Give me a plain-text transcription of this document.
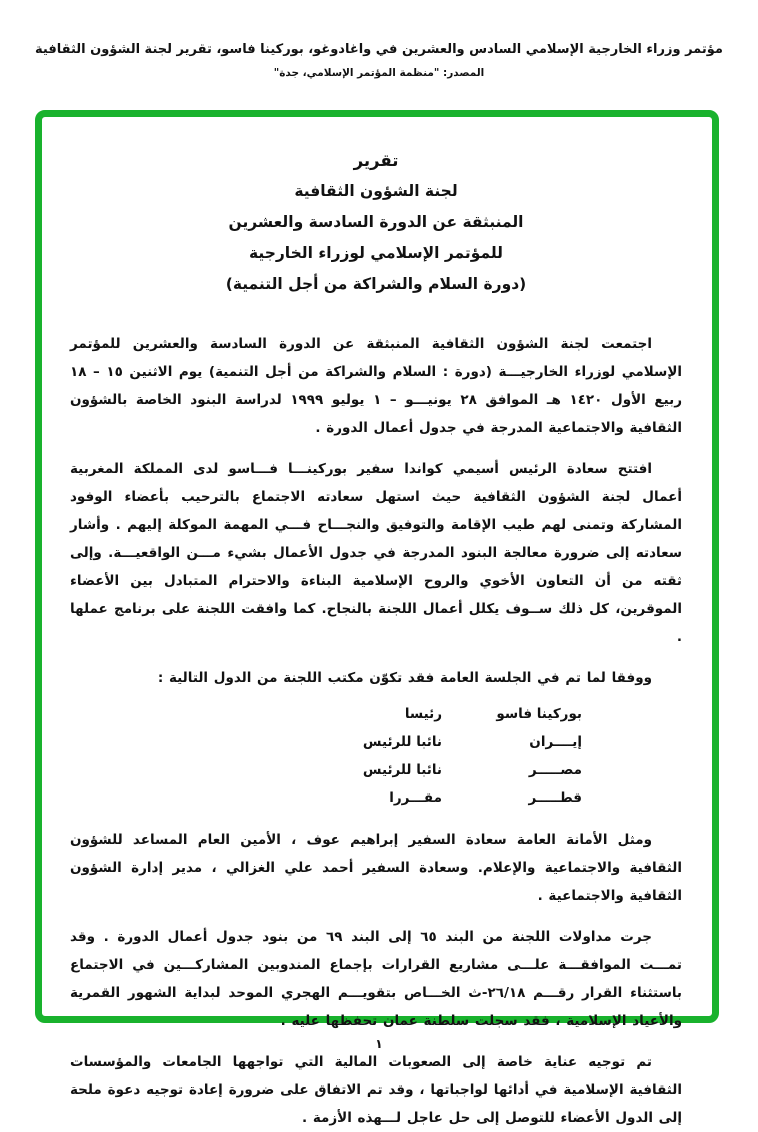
مؤتمر وزراء الخارجية الإسلامي السادس والعشرين في واغادوغو، بوركينا فاسو، تقرير لجنة الشؤون الثقافية
المصدر: "منظمة المؤتمر الإسلامي، جدة"
تقرير
لجنة الشؤون الثقافية
المنبثقة عن الدورة السادسة والعشرين
للمؤتمر الإسلامي لوزراء الخارجية
(دورة السلام والشراكة من أجل التنمية)

اجتمعت لجنة الشؤون الثقافية المنبثقة عن الدورة السادسة والعشرين للمؤتمر الإسلامي لوزراء الخارجيـــة (دورة : السلام والشراكة من أجل التنمية) يوم الاثنين ١٥ – ١٨ ربيع الأول ١٤٢٠ هـ الموافق ٢٨ يونيـــو – ١ يوليو ١٩٩٩ لدراسة البنود الخاصة بالشؤون الثقافية والاجتماعية المدرجة في جدول أعمال الدورة .

افتتح سعادة الرئيس أسيمي كواندا سفير بوركينـــا فـــاسو لدى المملكة المغربية أعمال لجنة الشؤون الثقافية حيث استهل سعادته الاجتماع بالترحيب بأعضاء الوفود المشاركة وتمنى لهم طيب الإقامة والتوفيق والنجـــاح فـــي المهمة الموكلة إليهم . وأشار سعادته إلى ضرورة معالجة البنود المدرجة في جدول الأعمال بشيء مـــن الواقعيـــة. وإلى ثقته من أن التعاون الأخوي والروح الإسلامية البناءة والاحترام المتبادل بين الأعضاء الموقرين، كل ذلك ســوف يكلل أعمال اللجنة بالنجاح. كما وافقت اللجنة على برنامج عملها .

ووفقا لما تم في الجلسة العامة فقد تكوّن مكتب اللجنة من الدول التالية :

بوركينا فاسو
رئيسا
إيــــران
نائبا للرئيس
مصـــــر
نائبا للرئيس
قطـــــر
مقـــررا

ومثل الأمانة العامة سعادة السفير إبراهيم عوف ، الأمين العام المساعد للشؤون الثقافية والاجتماعية والإعلام. وسعادة السفير أحمد علي الغزالي ، مدير إدارة الشؤون الثقافية والاجتماعية .

جرت مداولات اللجنة من البند ٦٥ إلى البند ٦٩ من بنود جدول أعمال الدورة . وقد تمـــت الموافقـــة علـــى مشاريع القرارات بإجماع المندوبين المشاركـــين في الاجتماع باستثناء القرار رقـــم ٢٦/١٨-ث الخـــاص بتقويـــم الهجري الموحد لبداية الشهور القمرية والأعياد الإسلامية ، فقد سجلت سلطنة عمان تحفظها عليه .

تم توجيه عناية خاصة إلى الصعوبات المالية التي تواجهها الجامعات والمؤسسات الثقافية الإسلامية في أدائها لواجباتها ، وقد تم الاتفاق على ضرورة إعادة توجيه دعوة ملحة إلى الدول الأعضاء للتوصل إلى حل عاجل لـــهذه الأزمة .

١
